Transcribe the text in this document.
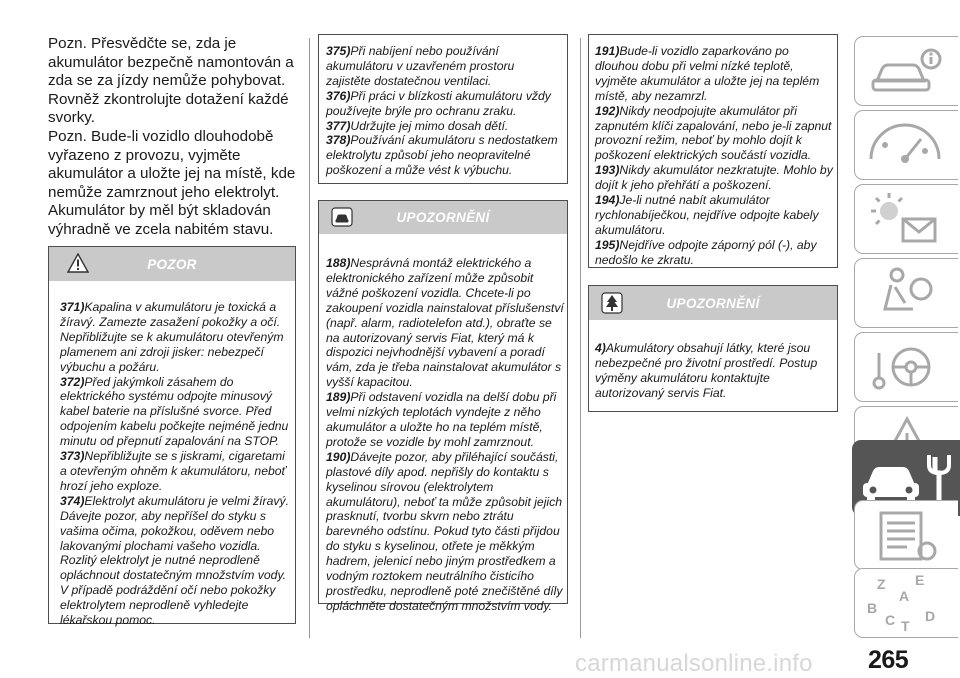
Pozn. Přesvědčte se, zda je akumulátor bezpečně namontován a zda se za jízdy nemůže pohybovat. Rovněž zkontrolujte dotažení každé svorky.

Pozn. Bude-li vozidlo dlouhodobě vyřazeno z provozu, vyjměte akumulátor a uložte jej na místě, kde nemůže zamrznout jeho elektrolyt. Akumulátor by měl být skladován výhradně ve zcela nabitém stavu.

POZOR
371)Kapalina v akumulátoru je toxická a žíravý. Zamezte zasažení pokožky a očí. Nepřibližujte se k akumulátoru otevřeným plamenem ani zdroji jisker: nebezpečí výbuchu a požáru.
372)Před jakýmkoli zásahem do elektrického systému odpojte minusový kabel baterie na příslušné svorce. Před odpojením kabelu počkejte nejméně jednu minutu od přepnutí zapalování na STOP.
373)Nepřibližujte se s jiskrami, cigaretami a otevřeným ohněm k akumulátoru, neboť hrozí jeho exploze.
374)Elektrolyt akumulátoru je velmi žíravý. Dávejte pozor, aby nepříšel do styku s vašima očima, pokožkou, oděvem nebo lakovanými plochami vašeho vozidla. Rozlitý elektrolyt je nutné neprodleně opláchnout dostatečným množstvím vody. V případě podráždění očí nebo pokožky elektrolytem neprodleně vyhledejte lékařskou pomoc.
375)Při nabíjení nebo používání akumulátoru v uzavřeném prostoru zajistěte dostatečnou ventilaci.
376)Při práci v blízkosti akumulátoru vždy používejte brýle pro ochranu zraku.
377)Udržujte jej mimo dosah dětí.
378)Používání akumulátoru s nedostatkem elektrolytu způsobí jeho neopravitelné poškození a může vést k výbuchu.
UPOZORNĚNÍ
188)Nesprávná montáž elektrického a elektronického zařízení může způsobit vážné poškození vozidla. Chcete-li po zakoupení vozidla nainstalovat příslušenství (např. alarm, radiotelefon atd.), obraťte se na autorizovaný servis Fiat, který má k dispozici nejvhodnější vybavení a poradí vám, zda je třeba nainstalovat akumulátor s vyšší kapacitou.
189)Při odstavení vozidla na delší dobu při velmi nízkých teplotách vyndejte z něho akumulátor a uložte ho na teplém místě, protože se vozidle by mohl zamrznout.
190)Dávejte pozor, aby přiléhající součásti, plastové díly apod. nepřišly do kontaktu s kyselinou sírovou (elektrolytem akumulátoru), neboť ta může způsobit jejich prasknutí, tvorbu skvrn nebo ztrátu barevného odstínu. Pokud tyto části přijdou do styku s kyselinou, otřete je měkkým hadrem, jelenicí nebo jiným prostředkem a vodným roztokem neutrálního čisticího prostředku, neprodleně poté znečištěné díly opláchněte dostatečným množstvím vody.
191)Bude-li vozidlo zaparkováno po dlouhou dobu při velmi nízké teplotě, vyjměte akumulátor a uložte jej na teplém místě, aby nezamrzl.
192)Nikdy neodpojujte akumulátor při zapnutém klíči zapalování, nebo je-li zapnut provozní režim, neboť by mohlo dojít k poškození elektrických součástí vozidla.
193)Nikdy akumulátor nezkratujte. Mohlo by dojít k jeho přehřátí a poškození.
194)Je-li nutné nabít akumulátor rychlonabíječkou, nejdříve odpojte kabely akumulátoru.
195)Nejdříve odpojte záporný pól (-), aby nedošlo ke zkratu.
UPOZORNĚNÍ
4)Akumulátory obsahují látky, které jsou nebezpečné pro životní prostředí. Postup výměny akumulátoru kontaktujte autorizovaný servis Fiat.
Z E
A
B
C T
D
carmanualsonline.info 265
